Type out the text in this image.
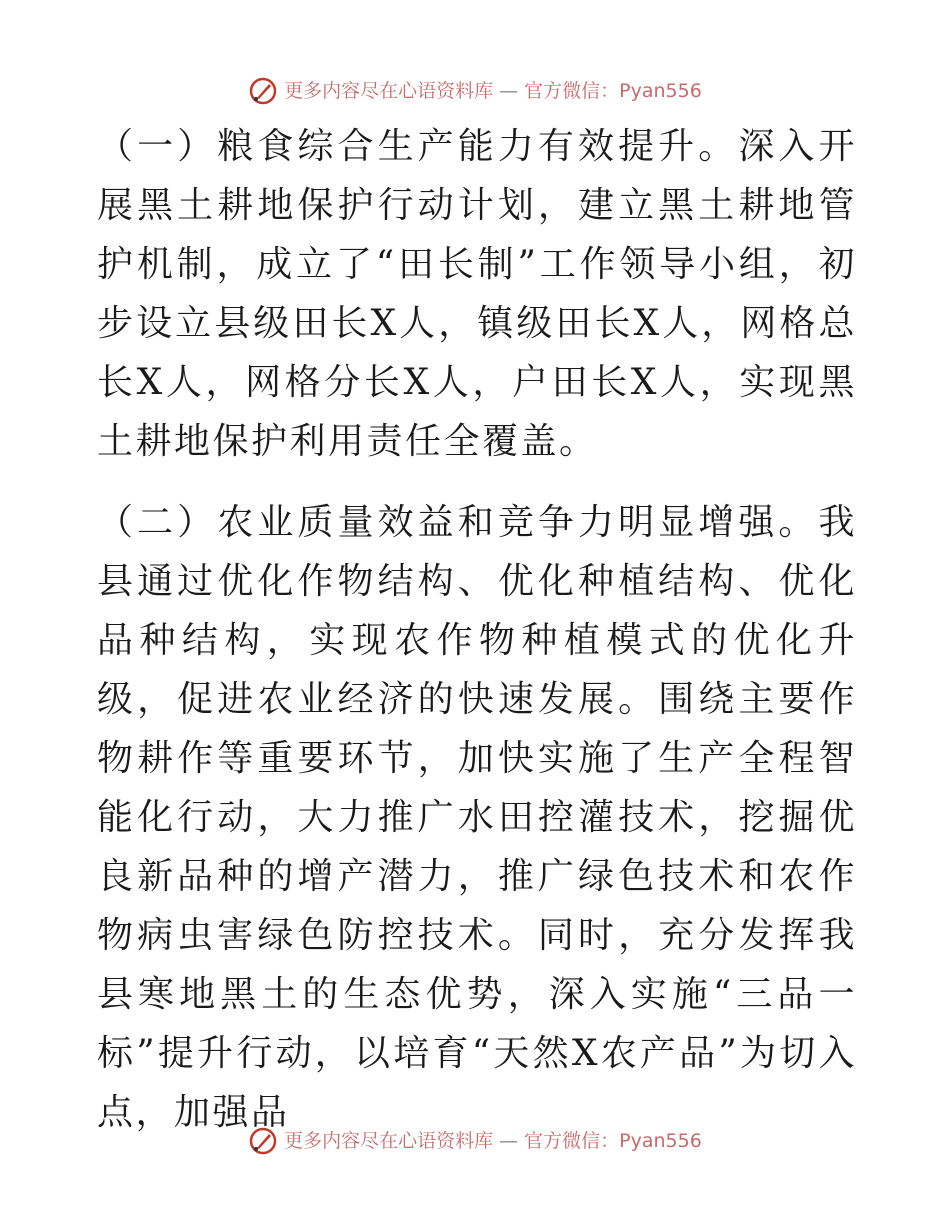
更多内容尽在心语资料库 — 官方微信：Pyan556

（一）粮食综合生产能力有效提升。深入开展黑土耕地保护行动计划，建立黑土耕地管护机制，成立了“田长制”工作领导小组，初步设立县级田长X人，镇级田长X人，网格总长X人，网格分长X人，户田长X人，实现黑土耕地保护利用责任全覆盖。

（二）农业质量效益和竞争力明显增强。我县通过优化作物结构、优化种植结构、优化品种结构，实现农作物种植模式的优化升级，促进农业经济的快速发展。围绕主要作物耕作等重要环节，加快实施了生产全程智能化行动，大力推广水田控灌技术，挖掘优良新品种的增产潜力，推广绿色技术和农作物病虫害绿色防控技术。同时，充分发挥我县寒地黑土的生态优势，深入实施“三品一标”提升行动，以培育“天然X农产品”为切入点，加强品

更多内容尽在心语资料库 — 官方微信：Pyan556
